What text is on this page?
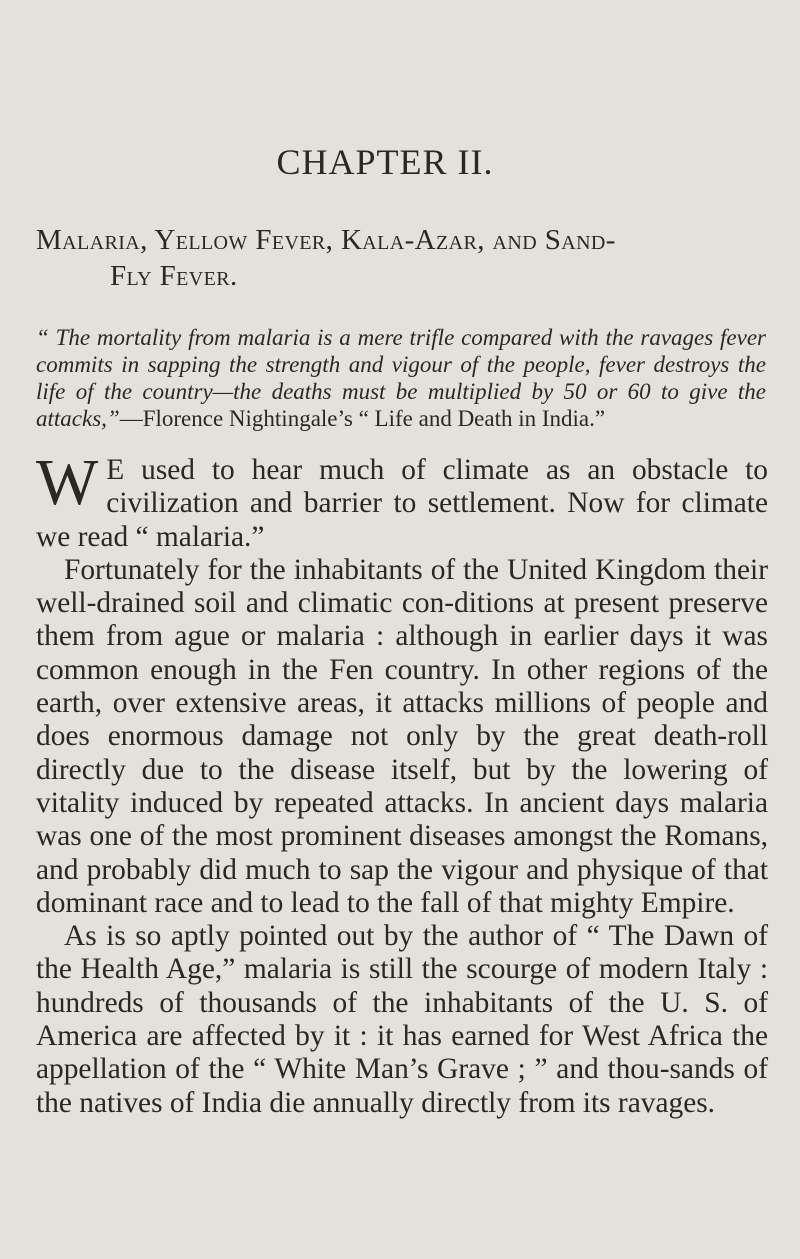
CHAPTER II.
Malaria, Yellow Fever, Kala-Azar, and Sand-
Fly Fever.

“ The mortality from malaria is a mere trifle compared with the ravages fever commits in sapping the strength and vigour of the people, fever destroys the life of the country—the deaths must be multiplied by 50 or 60 to give the attacks,”—Florence Nightingale’s “ Life and Death in India.”

W E used to hear much of climate as an obstacle to civilization and barrier to settlement. Now for climate we read “ malaria.”

Fortunately for the inhabitants of the United Kingdom their well-drained soil and climatic con-ditions at present preserve them from ague or malaria : although in earlier days it was common enough in the Fen country. In other regions of the earth, over extensive areas, it attacks millions of people and does enormous damage not only by the great death-roll directly due to the disease itself, but by the lowering of vitality induced by repeated attacks. In ancient days malaria was one of the most prominent diseases amongst the Romans, and probably did much to sap the vigour and physique of that dominant race and to lead to the fall of that mighty Empire.

As is so aptly pointed out by the author of “ The Dawn of the Health Age,” malaria is still the scourge of modern Italy : hundreds of thousands of the inhabitants of the U. S. of America are affected by it : it has earned for West Africa the appellation of the “ White Man’s Grave ; ” and thou-sands of the natives of India die annually directly from its ravages.
